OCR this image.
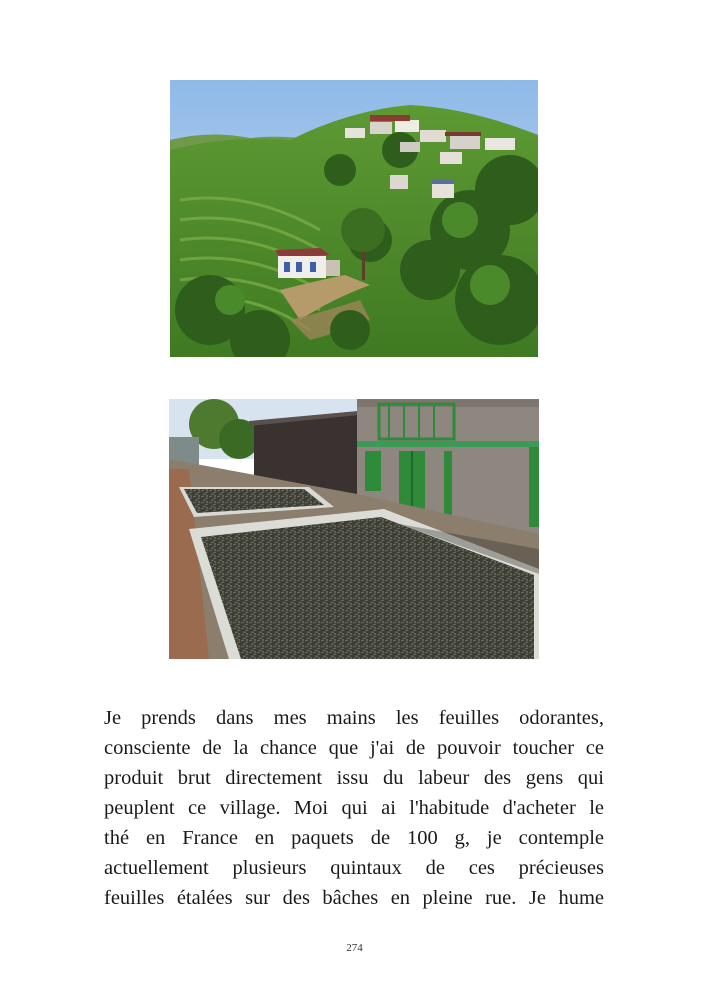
Je prends dans mes mains les feuilles odorantes,
consciente de la chance que j'ai de pouvoir toucher ce
produit brut directement issu du labeur des gens qui
peuplent ce village. Moi qui ai l'habitude d'acheter le
thé en France en paquets de 100 g, je contemple
actuellement plusieurs quintaux de ces précieuses
feuilles étalées sur des bâches en pleine rue. Je hume
274
